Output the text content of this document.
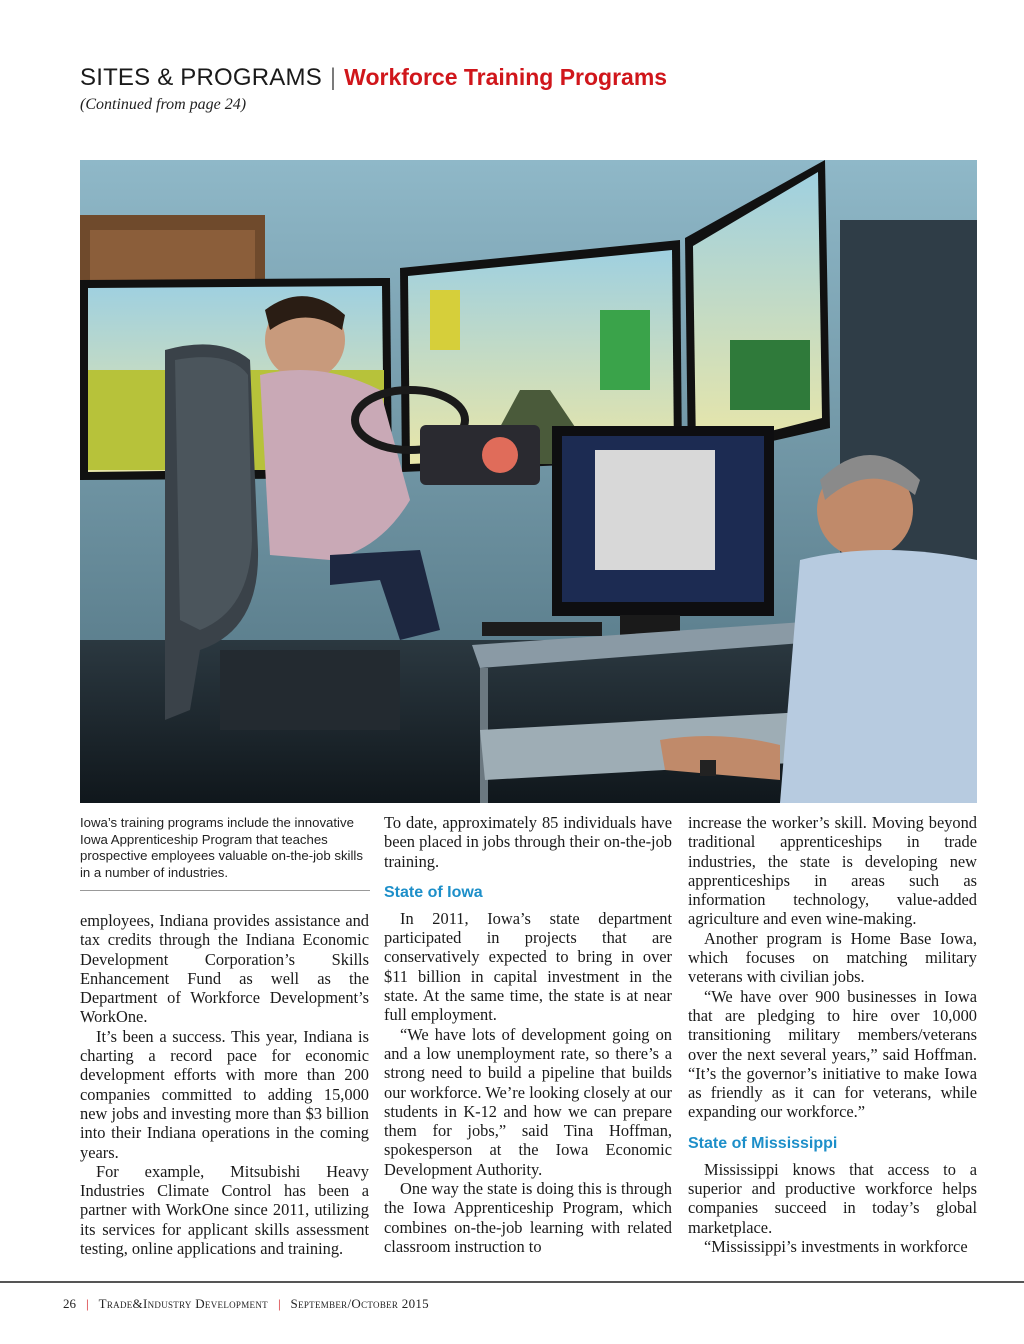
SITES & PROGRAMS | Workforce Training Programs
(Continued from page 24)
Iowa’s training programs include the innovative Iowa Apprenticeship Program that teaches prospective employees valuable on-the-job skills in a number of industries.

employees, Indiana provides assistance and tax credits through the Indiana Economic Development Corporation’s Skills Enhancement Fund as well as the Department of Workforce Development’s WorkOne.

It’s been a success. This year, Indiana is charting a record pace for economic development efforts with more than 200 companies committed to adding 15,000 new jobs and investing more than $3 billion into their Indiana operations in the coming years.

For example, Mitsubishi Heavy Industries Climate Control has been a partner with WorkOne since 2011, utilizing its services for applicant skills assessment testing, online applications and training.

To date, approximately 85 individuals have been placed in jobs through their on-the-job training.

State of Iowa

In 2011, Iowa’s state department participated in projects that are conservatively expected to bring in over $11 billion in capital investment in the state. At the same time, the state is at near full employment.

“We have lots of development going on and a low unemployment rate, so there’s a strong need to build a pipeline that builds our workforce. We’re looking closely at our students in K-12 and how we can prepare them for jobs,” said Tina Hoffman, spokesperson at the Iowa Economic Development Authority.

One way the state is doing this is through the Iowa Apprenticeship Program, which combines on-the-job learning with related classroom instruction to

increase the worker’s skill. Moving beyond traditional apprenticeships in trade industries, the state is developing new apprenticeships in areas such as information technology, value-added agriculture and even wine-making.

Another program is Home Base Iowa, which focuses on matching military veterans with civilian jobs.

“We have over 900 businesses in Iowa that are pledging to hire over 10,000 transitioning military members/veterans over the next several years,” said Hoffman. “It’s the governor’s initiative to make Iowa as friendly as it can for veterans, while expanding our workforce.”

State of Mississippi

Mississippi knows that access to a superior and productive workforce helps companies succeed in today’s global marketplace.

“Mississippi’s investments in workforce

26 | Trade&Industry Development | September/October 2015
